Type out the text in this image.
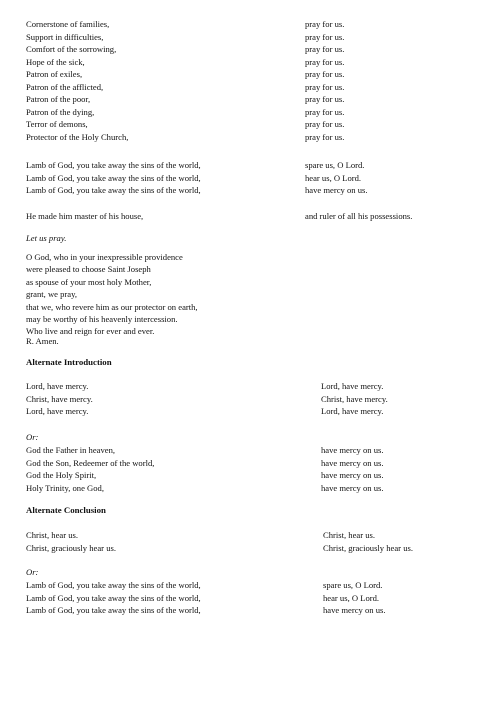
Cornerstone of families,	pray for us.
Support in difficulties,	pray for us.
Comfort of the sorrowing,	pray for us.
Hope of the sick,	pray for us.
Patron of exiles,	pray for us.
Patron of the afflicted,	pray for us.
Patron of the poor,	pray for us.
Patron of the dying,	pray for us.
Terror of demons,	pray for us.
Protector of the Holy Church,	pray for us.
Lamb of God, you take away the sins of the world,	spare us, O Lord.
Lamb of God, you take away the sins of the world,	hear us, O Lord.
Lamb of God, you take away the sins of the world,	have mercy on us.
He made him master of his house,	and ruler of all his possessions.
Let us pray.
O God, who in your inexpressible providence
were pleased to choose Saint Joseph
as spouse of your most holy Mother,
grant, we pray,
that we, who revere him as our protector on earth,
may be worthy of his heavenly intercession.
Who live and reign for ever and ever.
R. Amen.
Alternate Introduction
Lord, have mercy.	Lord, have mercy.
Christ, have mercy.	Christ, have mercy.
Lord, have mercy.	Lord, have mercy.
Or:
God the Father in heaven,	have mercy on us.
God the Son, Redeemer of the world,	have mercy on us.
God the Holy Spirit,	have mercy on us.
Holy Trinity, one God,	have mercy on us.
Alternate Conclusion
Christ, hear us.	Christ, hear us.
Christ, graciously hear us.	Christ, graciously hear us.
Or:
Lamb of God, you take away the sins of the world,	spare us, O Lord.
Lamb of God, you take away the sins of the world,	hear us, O Lord.
Lamb of God, you take away the sins of the world,	have mercy on us.
